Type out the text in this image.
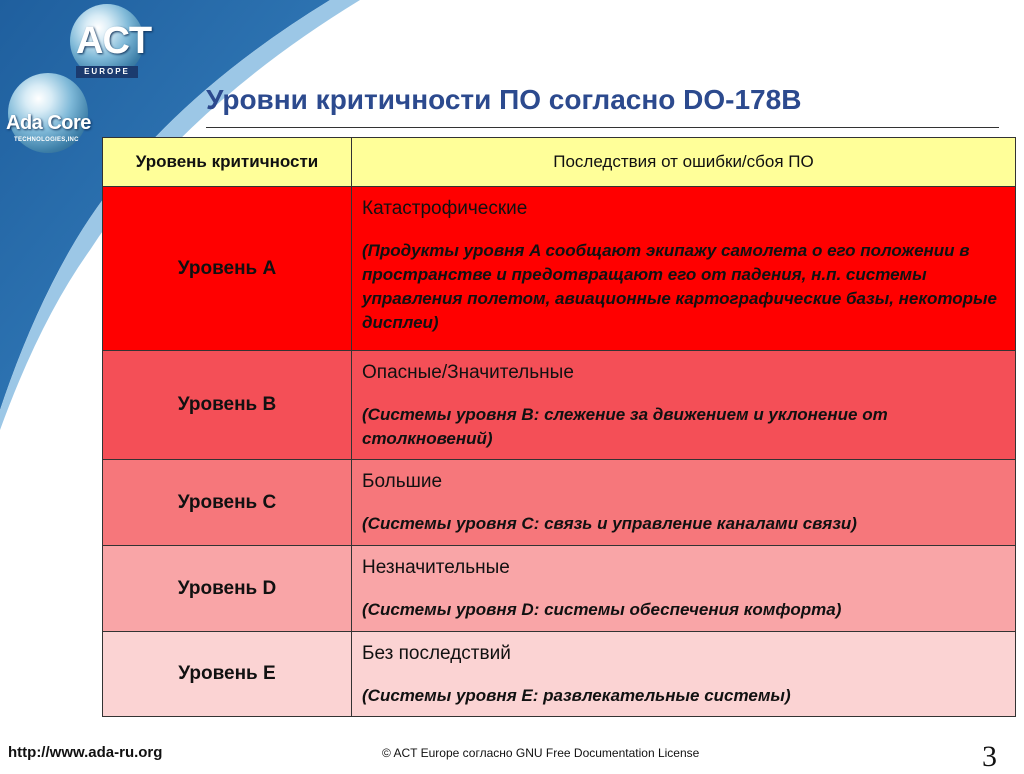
ACT
EUROPE
Ada Core
TECHNOLOGIES,INC
Уровни критичности ПО согласно DO-178B
Уровень критичности	Последствия от ошибки/сбоя ПО
Уровень A	Катастрофические
(Продукты уровня A сообщают экипажу самолета о его положении в пространстве и предотвращают его от падения, н.п. системы управления полетом, авиационные картографические базы, некоторые дисплеи)

Уровень B	Опасные/Значительные
(Системы уровня B: слежение за движением и уклонение от столкновений)

Уровень C	Большие
(Системы уровня C: связь и управление каналами связи)

Уровень D	Незначительные
(Системы уровня D: системы обеспечения комфорта)

Уровень E	Без последствий
(Системы уровня E: развлекательные системы)
http://www.ada-ru.org	© ACT Europe согласно GNU Free Documentation License	3
